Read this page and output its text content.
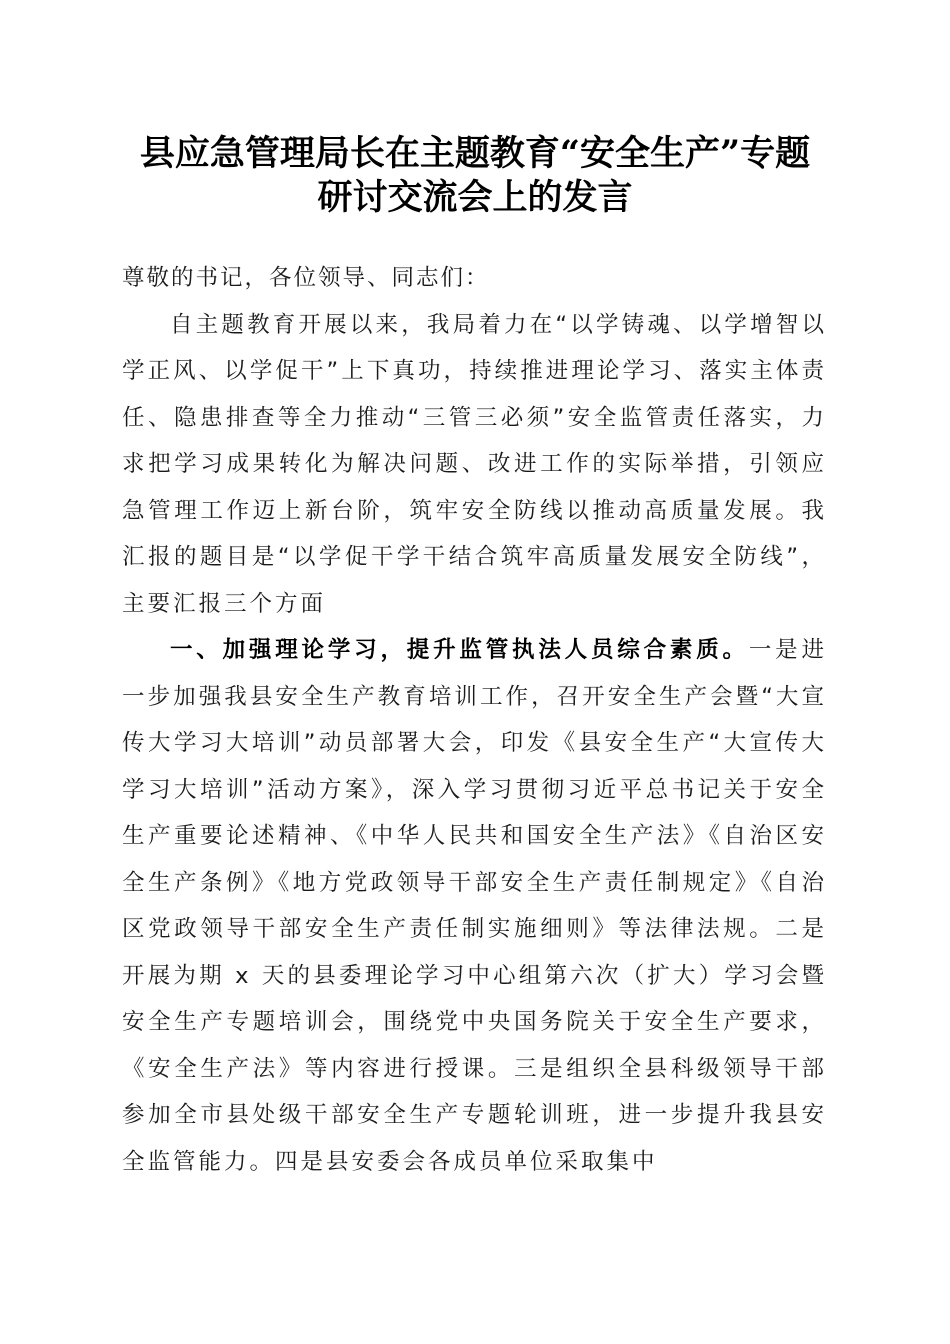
县应急管理局长在主题教育“安全生产”专题
研讨交流会上的发言

尊敬的书记，各位领导、同志们：

自主题教育开展以来，我局着力在“以学铸魂、以学增智以学正风、以学促干”上下真功，持续推进理论学习、落实主体责任、隐患排查等全力推动“三管三必须”安全监管责任落实，力求把学习成果转化为解决问题、改进工作的实际举措，引领应急管理工作迈上新台阶，筑牢安全防线以推动高质量发展。我汇报的题目是“以学促干学干结合筑牢高质量发展安全防线”，主要汇报三个方面

一、加强理论学习，提升监管执法人员综合素质。一是进一步加强我县安全生产教育培训工作，召开安全生产会暨“大宣传大学习大培训”动员部署大会，印发《县安全生产“大宣传大学习大培训”活动方案》，深入学习贯彻习近平总书记关于安全生产重要论述精神、《中华人民共和国安全生产法》《自治区安全生产条例》《地方党政领导干部安全生产责任制规定》《自治区党政领导干部安全生产责任制实施细则》等法律法规。二是开展为期 x 天的县委理论学习中心组第六次（扩大）学习会暨安全生产专题培训会，围绕党中央国务院关于安全生产要求，《安全生产法》等内容进行授课。三是组织全县科级领导干部参加全市县处级干部安全生产专题轮训班，进一步提升我县安全监管能力。四是县安委会各成员单位采取集中
